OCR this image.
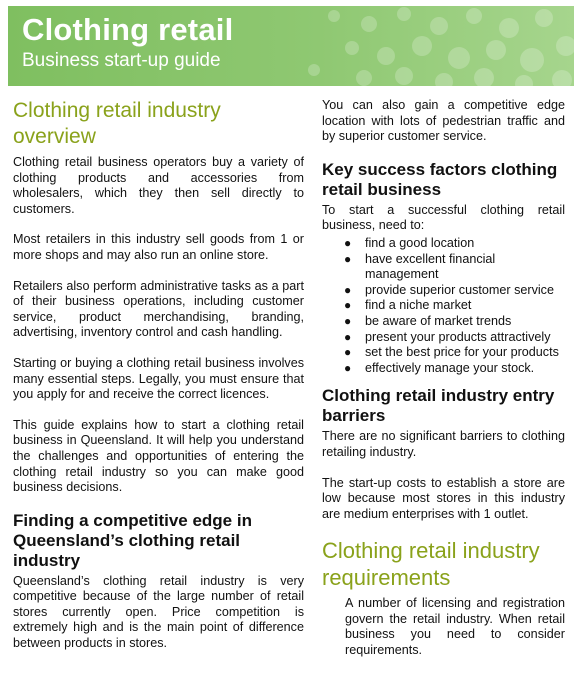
Clothing retail
Business start-up guide
Clothing retail industry overview

Clothing retail business operators buy a variety of clothing products and accessories from wholesalers, which they then sell directly to customers.

Most retailers in this industry sell goods from 1 or more shops and may also run an online store.

Retailers also perform administrative tasks as a part of their business operations, including customer service, product merchandising, branding, advertising, inventory control and cash handling.

Starting or buying a clothing retail business involves many essential steps. Legally, you must ensure that you apply for and receive the correct licences.

This guide explains how to start a clothing retail business in Queensland. It will help you understand the challenges and opportunities of entering the clothing retail industry so you can make good business decisions.

Finding a competitive edge in Queensland’s clothing retail industry

Queensland’s clothing retail industry is very competitive because of the large number of retail stores currently open. Price competition is extremely high and is the main point of difference between products in stores.

You can also gain a competitive edge location with lots of pedestrian traffic and by superior customer service.

Key success factors clothing retail business

To start a successful clothing retail business, need to:

● find a good location
● have excellent financial management
● provide superior customer service
● find a niche market
● be aware of market trends
● present your products attractively
● set the best price for your products
● effectively manage your stock.
Clothing retail industry entry barriers

There are no significant barriers to clothing retailing industry.

The start-up costs to establish a store are low because most stores in this industry are medium enterprises with 1 outlet.

Clothing retail industry requirements

A number of licensing and registration govern the retail industry. When retail business you need to consider requirements.
